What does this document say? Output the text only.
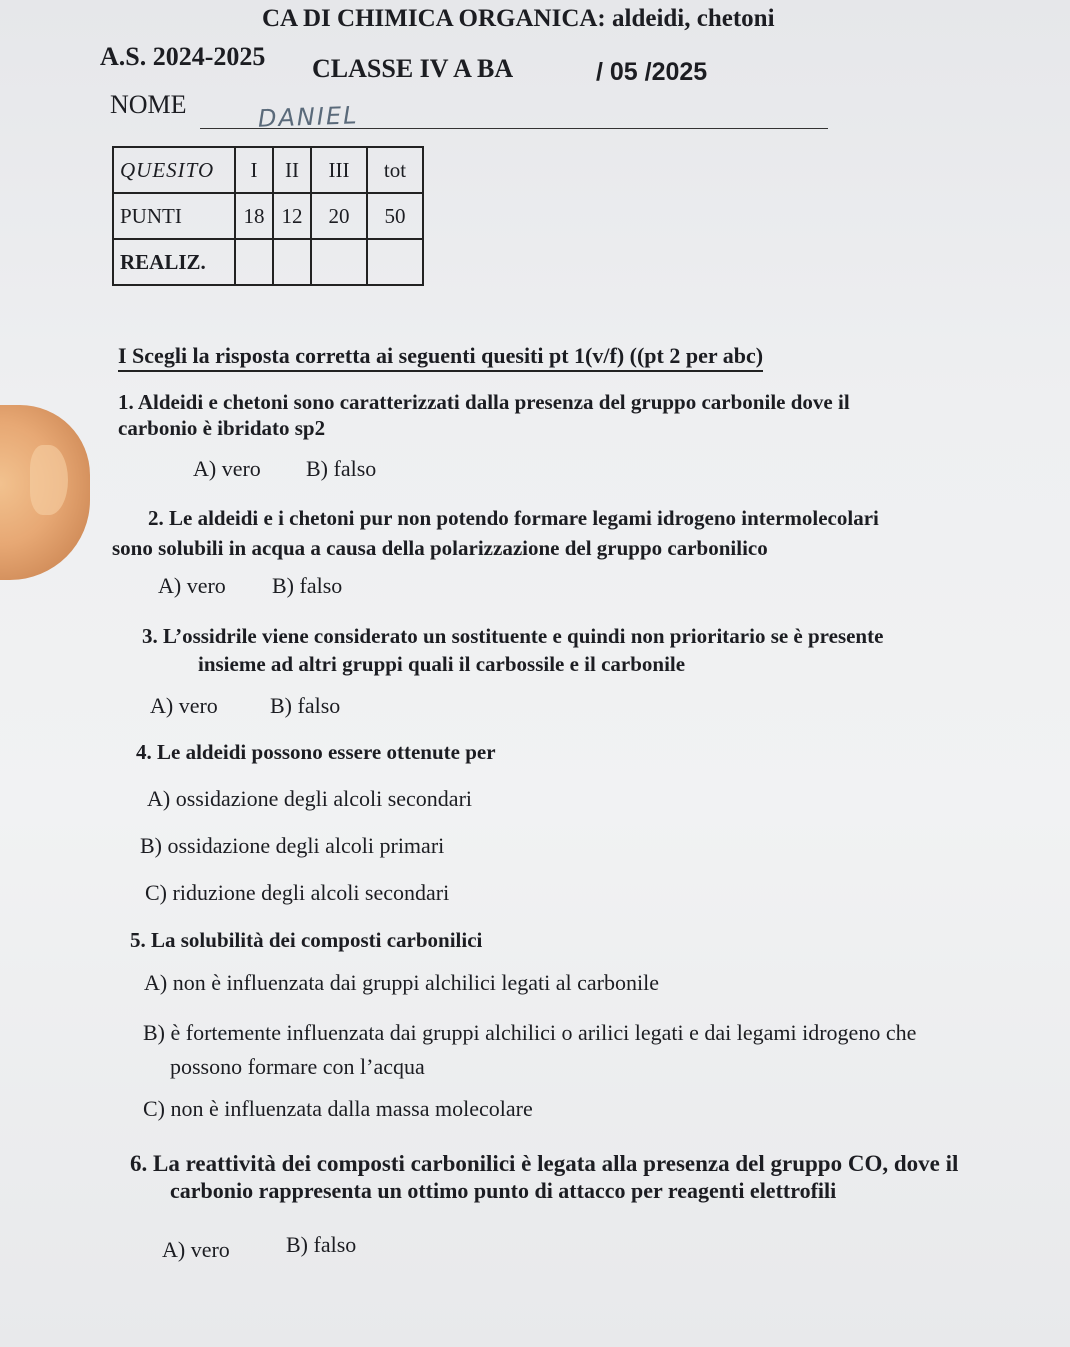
CA DI CHIMICA ORGANICA: aldeidi, chetoni
A.S. 2024-2025 CLASSE IV A BA	/ 05 /2025
NOME	DANIEL
QUESITO	I	II	III	tot
PUNTI	18	12	20	50
REALIZ.				
I Scegli la risposta corretta ai seguenti quesiti pt 1(v/f) ((pt 2 per abc)
1. Aldeidi e chetoni sono caratterizzati dalla presenza del gruppo carbonile dove il
carbonio è ibridato sp2
A) vero B) falso
2. Le aldeidi e i chetoni pur non potendo formare legami idrogeno intermolecolari
sono solubili in acqua a causa della polarizzazione del gruppo carbonilico
A) vero B) falso
3. L’ossidrile viene considerato un sostituente e quindi non prioritario se è presente
insieme ad altri gruppi quali il carbossile e il carbonile
A) vero B) falso
4. Le aldeidi possono essere ottenute per
A) ossidazione degli alcoli secondari
B) ossidazione degli alcoli primari
C) riduzione degli alcoli secondari
5. La solubilità dei composti carbonilici
A) non è influenzata dai gruppi alchilici legati al carbonile
B) è fortemente influenzata dai gruppi alchilici o arilici legati e dai legami idrogeno che
possono formare con l’acqua
C) non è influenzata dalla massa molecolare
6. La reattività dei composti carbonilici è legata alla presenza del gruppo CO, dove il
carbonio rappresenta un ottimo punto di attacco per reagenti elettrofili
A) vero	B) falso
